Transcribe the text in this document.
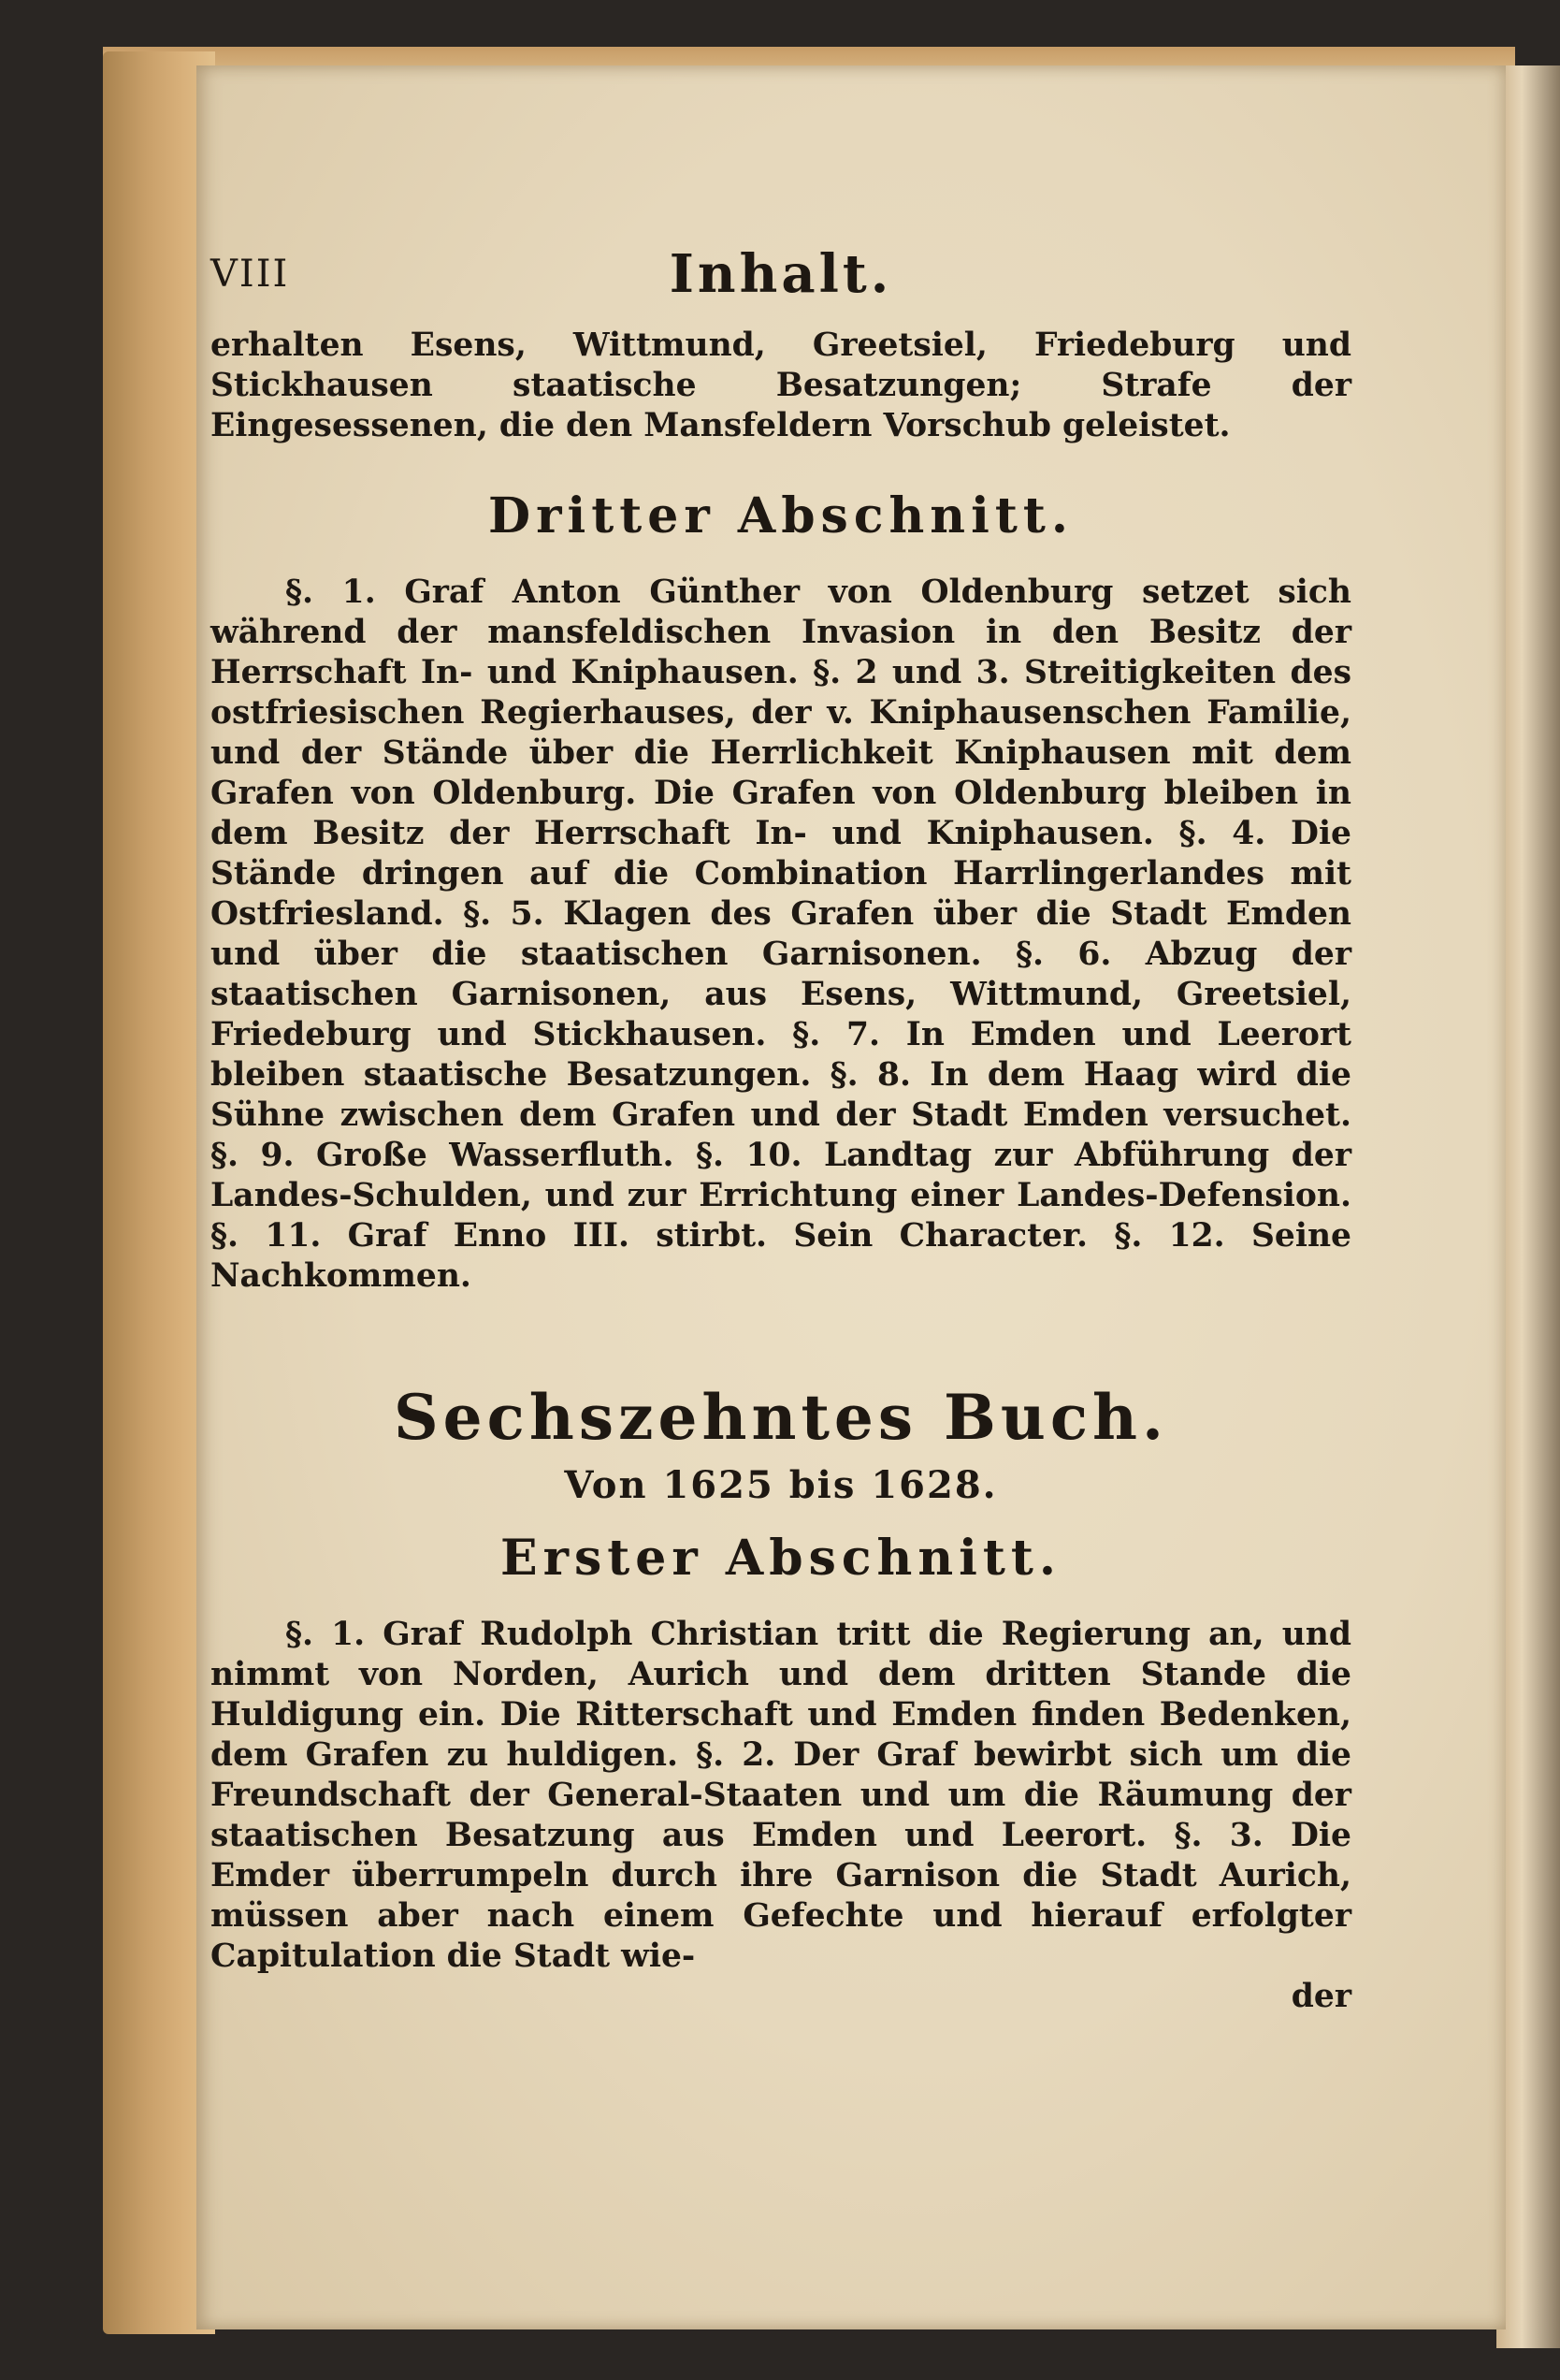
VIII	Inhalt.

erhalten Esens, Wittmund, Greetsiel, Friedeburg und Stickhausen staatische Besatzungen; Strafe der Eingesessenen, die den Mansfeldern Vorschub geleistet.

Dritter Abschnitt.

§. 1. Graf Anton Günther von Oldenburg setzet sich während der mansfeldischen Invasion in den Besitz der Herrschaft In- und Kniphausen. §. 2 und 3. Streitigkeiten des ostfriesischen Regierhauses, der v. Kniphausenschen Familie, und der Stände über die Herrlichkeit Kniphausen mit dem Grafen von Oldenburg. Die Grafen von Oldenburg bleiben in dem Besitz der Herrschaft In- und Kniphausen. §. 4. Die Stände dringen auf die Combination Harrlingerlandes mit Ostfriesland. §. 5. Klagen des Grafen über die Stadt Emden und über die staatischen Garnisonen. §. 6. Abzug der staatischen Garnisonen, aus Esens, Wittmund, Greetsiel, Friedeburg und Stickhausen. §. 7. In Emden und Leerort bleiben staatische Besatzungen. §. 8. In dem Haag wird die Sühne zwischen dem Grafen und der Stadt Emden versuchet. §. 9. Große Wasserfluth. §. 10. Landtag zur Abführung der Landes-Schulden, und zur Errichtung einer Landes-Defension. §. 11. Graf Enno III. stirbt. Sein Character. §. 12. Seine Nachkommen.

Sechszehntes Buch.
Von 1625 bis 1628.
Erster Abschnitt.

§. 1. Graf Rudolph Christian tritt die Regierung an, und nimmt von Norden, Aurich und dem dritten Stande die Huldigung ein. Die Ritterschaft und Emden finden Bedenken, dem Grafen zu huldigen. §. 2. Der Graf bewirbt sich um die Freundschaft der General-Staaten und um die Räumung der staatischen Besatzung aus Emden und Leerort. §. 3. Die Emder überrumpeln durch ihre Garnison die Stadt Aurich, müssen aber nach einem Gefechte und hierauf erfolgter Capitulation die Stadt wie-

der
